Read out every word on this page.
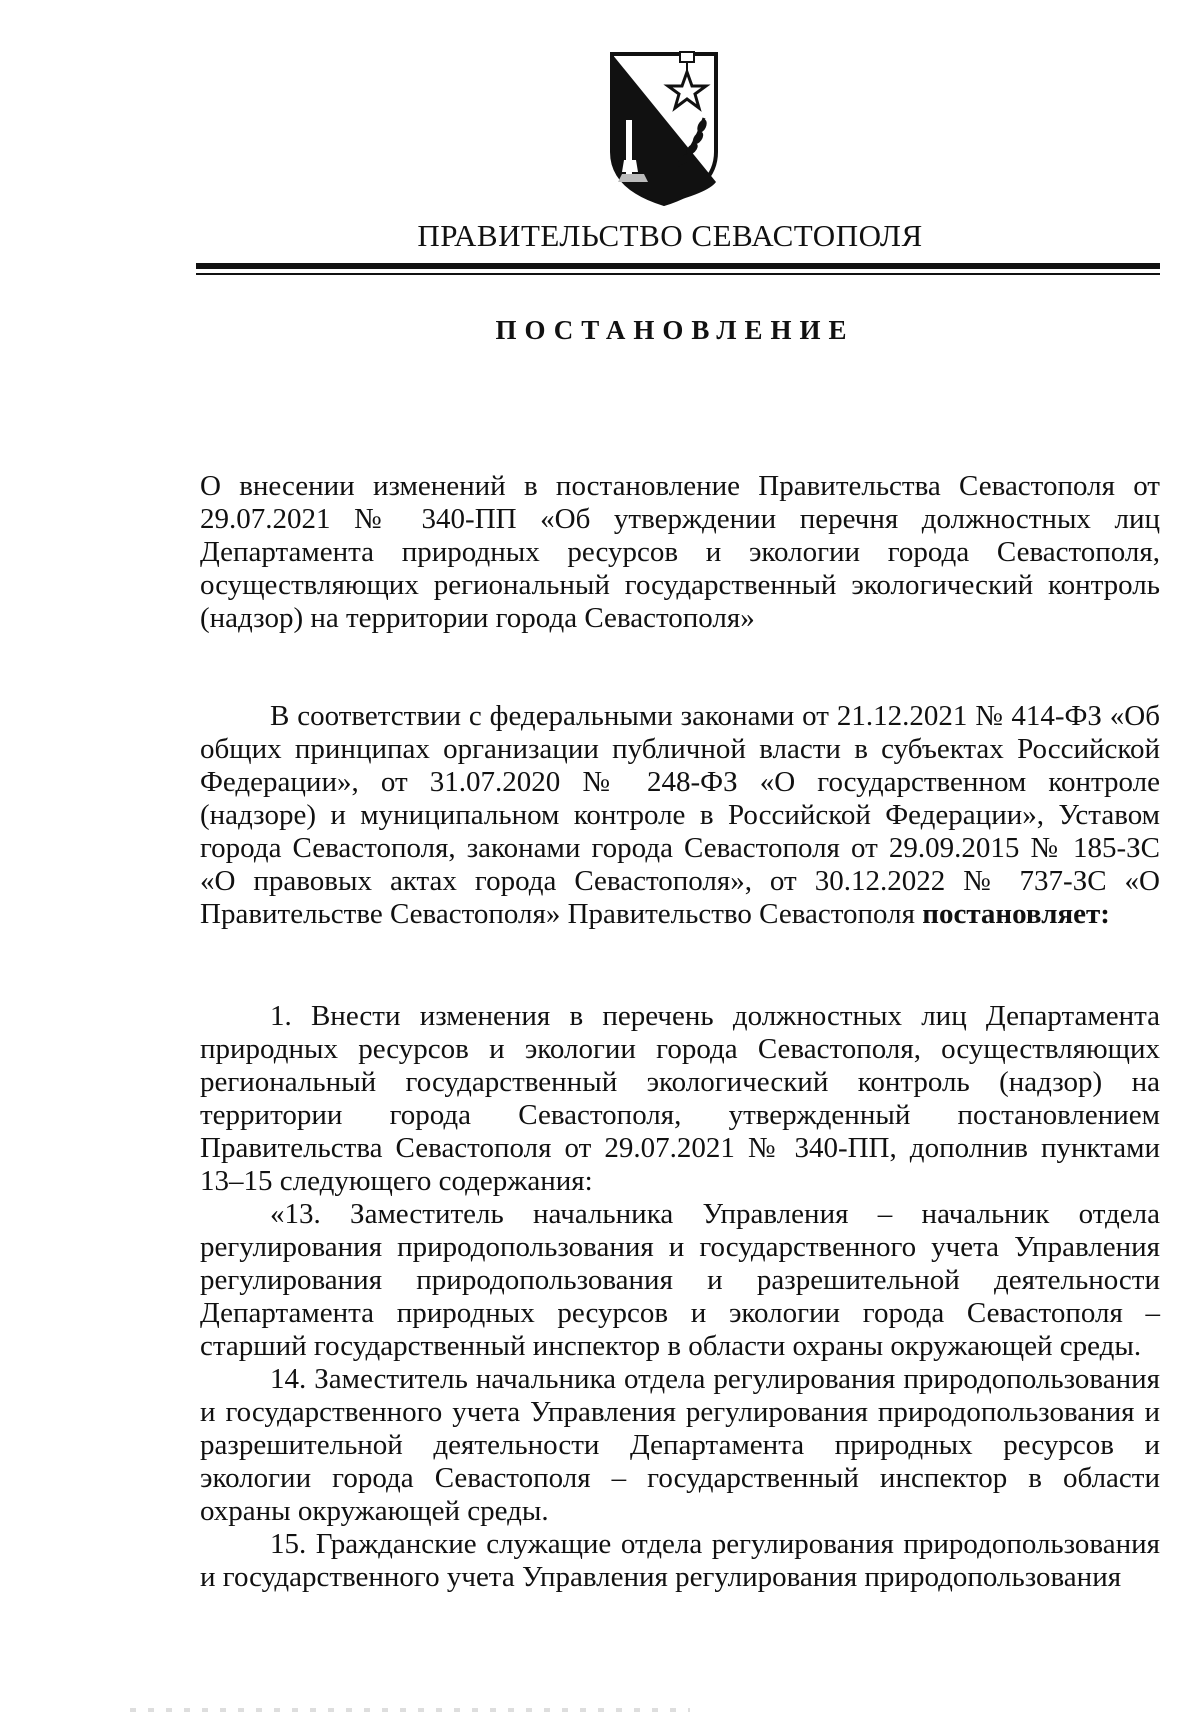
ПРАВИТЕЛЬСТВО СЕВАСТОПОЛЯ
ПОСТАНОВЛЕНИЕ
О внесении изменений в постановление Правительства Севастополя от 29.07.2021 № 340-ПП «Об утверждении перечня должностных лиц Департамента природных ресурсов и экологии города Севастополя, осуществляющих региональный государственный экологический контроль (надзор) на территории города Севастополя»

В соответствии с федеральными законами от 21.12.2021 № 414-ФЗ «Об общих принципах организации публичной власти в субъектах Российской Федерации», от 31.07.2020 № 248-ФЗ «О государственном контроле (надзоре) и муниципальном контроле в Российской Федерации», Уставом города Севастополя, законами города Севастополя от 29.09.2015 № 185-ЗС «О правовых актах города Севастополя», от 30.12.2022 № 737-ЗС «О Правительстве Севастополя» Правительство Севастополя постановляет:

1. Внести изменения в перечень должностных лиц Департамента природных ресурсов и экологии города Севастополя, осуществляющих региональный государственный экологический контроль (надзор) на территории города Севастополя, утвержденный постановлением Правительства Севастополя от 29.07.2021 № 340-ПП, дополнив пунктами 13–15 следующего содержания:

«13. Заместитель начальника Управления – начальник отдела регулирования природопользования и государственного учета Управления регулирования природопользования и разрешительной деятельности Департамента природных ресурсов и экологии города Севастополя – старший государственный инспектор в области охраны окружающей среды.

14. Заместитель начальника отдела регулирования природопользования и государственного учета Управления регулирования природопользования и разрешительной деятельности Департамента природных ресурсов и экологии города Севастополя – государственный инспектор в области охраны окружающей среды.

15. Гражданские служащие отдела регулирования природопользования и государственного учета Управления регулирования природопользования
